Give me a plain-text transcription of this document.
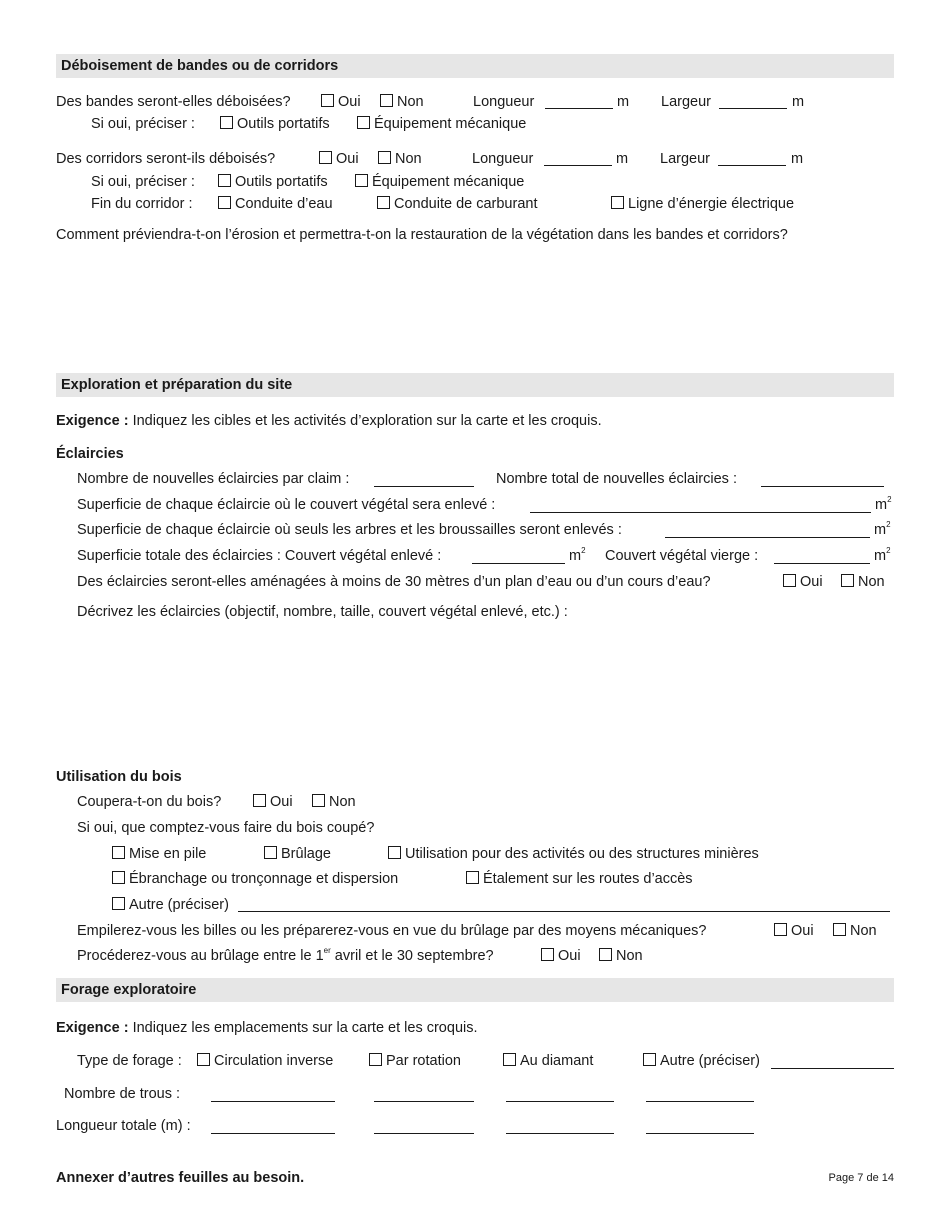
Déboisement de bandes ou de corridors
Des bandes seront-elles déboisées?	Oui	Non	Longueur	m Largeur	m
Si oui, préciser :	Outils portatifs	Équipement mécanique
Des corridors seront-ils déboisés?	Oui	Non	Longueur	m Largeur	m
Si oui, préciser :	Outils portatifs	Équipement mécanique
Fin du corridor :	Conduite d’eau	Conduite de carburant	Ligne d’énergie électrique
Comment préviendra-t-on l’érosion et permettra-t-on la restauration de la végétation dans les bandes et corridors?
Exploration et préparation du site
Exigence : Indiquez les cibles et les activités d’exploration sur la carte et les croquis.
Éclaircies
Nombre de nouvelles éclaircies par claim :	Nombre total de nouvelles éclaircies :
Superficie de chaque éclaircie où le couvert végétal sera enlevé :	$m^2$
Superficie de chaque éclaircie où seuls les arbres et les broussailles seront enlevés :	$m^2$
Superficie totale des éclaircies : Couvert végétal enlevé :	$m^2$ Couvert végétal vierge :	$m^2$
Des éclaircies seront-elles aménagées à moins de 30 mètres d’un plan d’eau ou d’un cours d’eau?	Oui	Non
Décrivez les éclaircies (objectif, nombre, taille, couvert végétal enlevé, etc.) :
Utilisation du bois
Coupera-t-on du bois?	Oui	Non
Si oui, que comptez-vous faire du bois coupé?
Mise en pile	Brûlage	Utilisation pour des activités ou des structures minières
Ébranchage ou tronçonnage et dispersion	Étalement sur les routes d’accès
Autre (préciser)
Empilerez-vous les billes ou les préparerez-vous en vue du brûlage par des moyens mécaniques?	Oui	Non
Procéderez-vous au brûlage entre le 1er avril et le 30 septembre?	Oui	Non
Forage exploratoire
Exigence : Indiquez les emplacements sur la carte et les croquis.
Type de forage :	Circulation inverse	Par rotation	Au diamant	Autre (préciser)
Nombre de trous :
Longueur totale (m) :
Annexer d’autres feuilles au besoin.	Page 7 de 14
